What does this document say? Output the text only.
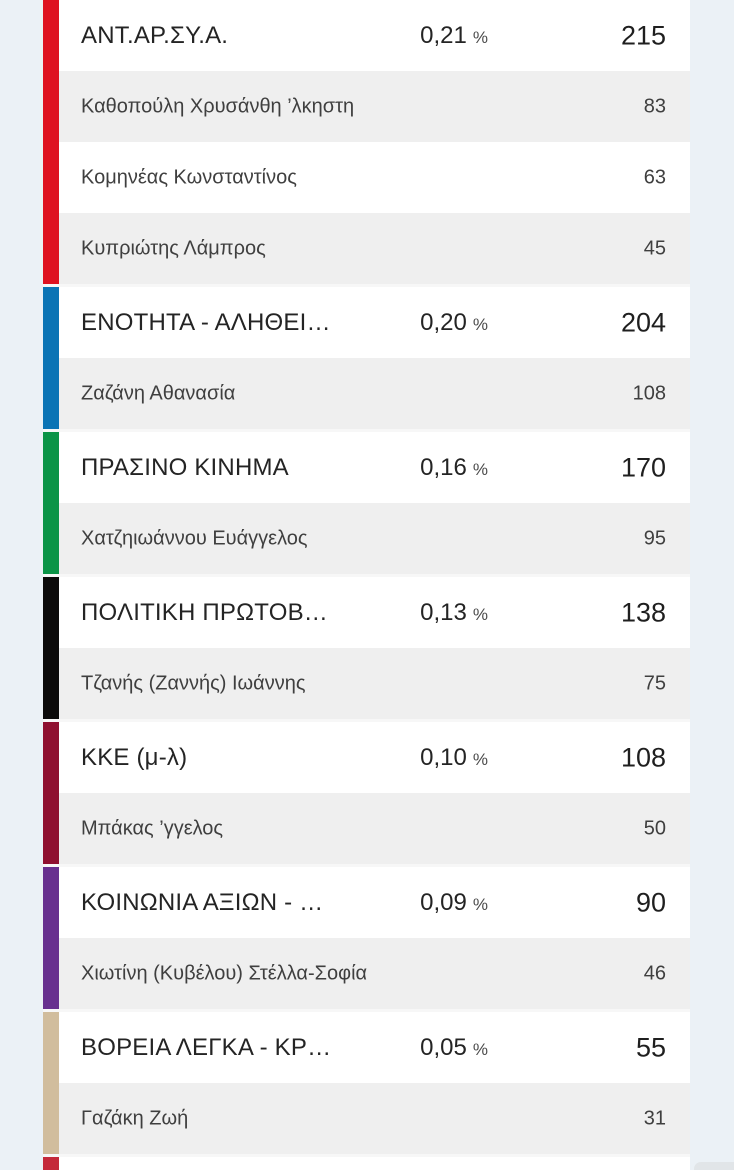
ΑΝΤ.ΑΡ.ΣΥ.Α.	0,21 %	215
Καθοπούλη Χρυσάνθη ’λκηστη	83
Κομηνέας Κωνσταντίνος	63
Κυπριώτης Λάμπρος	45
ΕΝΟΤΗΤΑ - ΑΛΗΘΕΙ…	0,20 %	204
Ζαζάνη Αθανασία	108
ΠΡΑΣΙΝΟ ΚΙΝΗΜΑ	0,16 %	170
Χατζηιωάννου Ευάγγελος	95
ΠΟΛΙΤΙΚΗ ΠΡΩΤΟΒ…	0,13 %	138
Τζανής (Ζαννής) Ιωάννης	75
ΚΚΕ (μ-λ)	0,10 %	108
Μπάκας ’γγελος	50
ΚΟΙΝΩΝΙΑ ΑΞΙΩΝ - …	0,09 %	90
Χιωτίνη (Κυβέλου) Στέλλα-Σοφία	46
ΒΟΡΕΙΑ ΛΕΓΚΑ - ΚΡ…	0,05 %	55
Γαζάκη Ζωή	31
